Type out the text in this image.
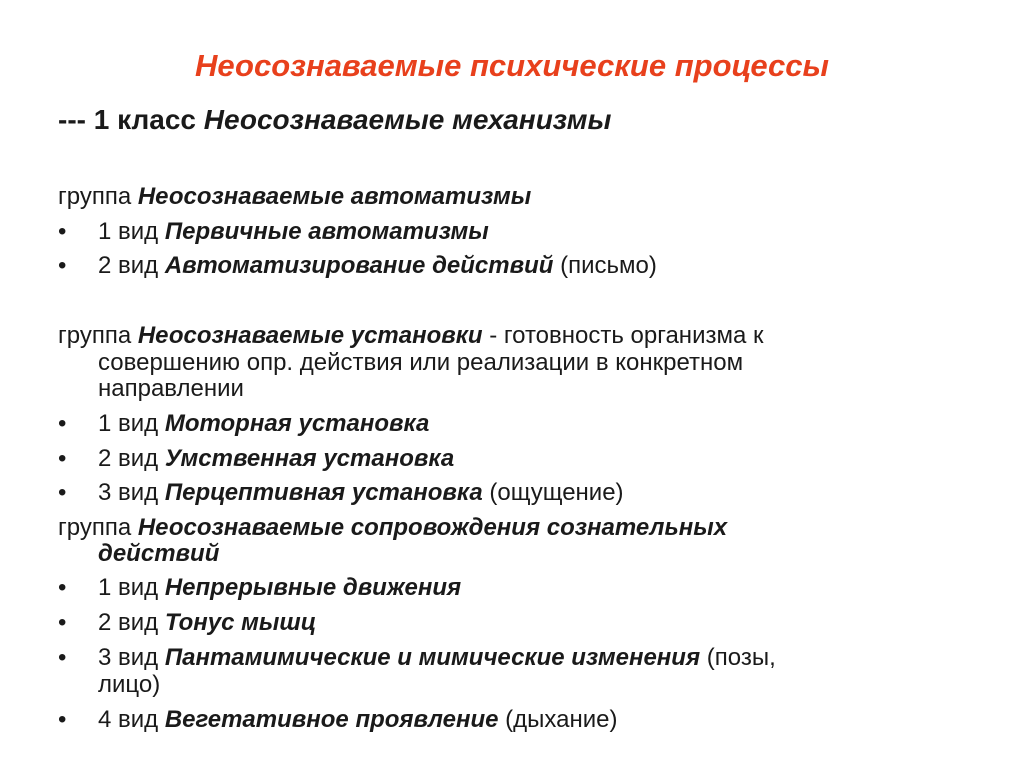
Неосознаваемые психические процессы
--- 1 класс Неосознаваемые механизмы
группа Неосознаваемые автоматизмы
• 1 вид Первичные автоматизмы
• 2 вид Автоматизирование действий (письмо)
группа Неосознаваемые установки - готовность организма к
совершению опр. действия или реализации в конкретном
направлении
• 1 вид Моторная установка
• 2 вид Умственная установка
• 3 вид Перцептивная установка (ощущение)
группа Неосознаваемые сопровождения сознательных
действий
• 1 вид Непрерывные движения
• 2 вид Тонус мышц
• 3 вид Пантамимические и мимические изменения (позы,
лицо)
• 4 вид Вегетативное проявление (дыхание)
